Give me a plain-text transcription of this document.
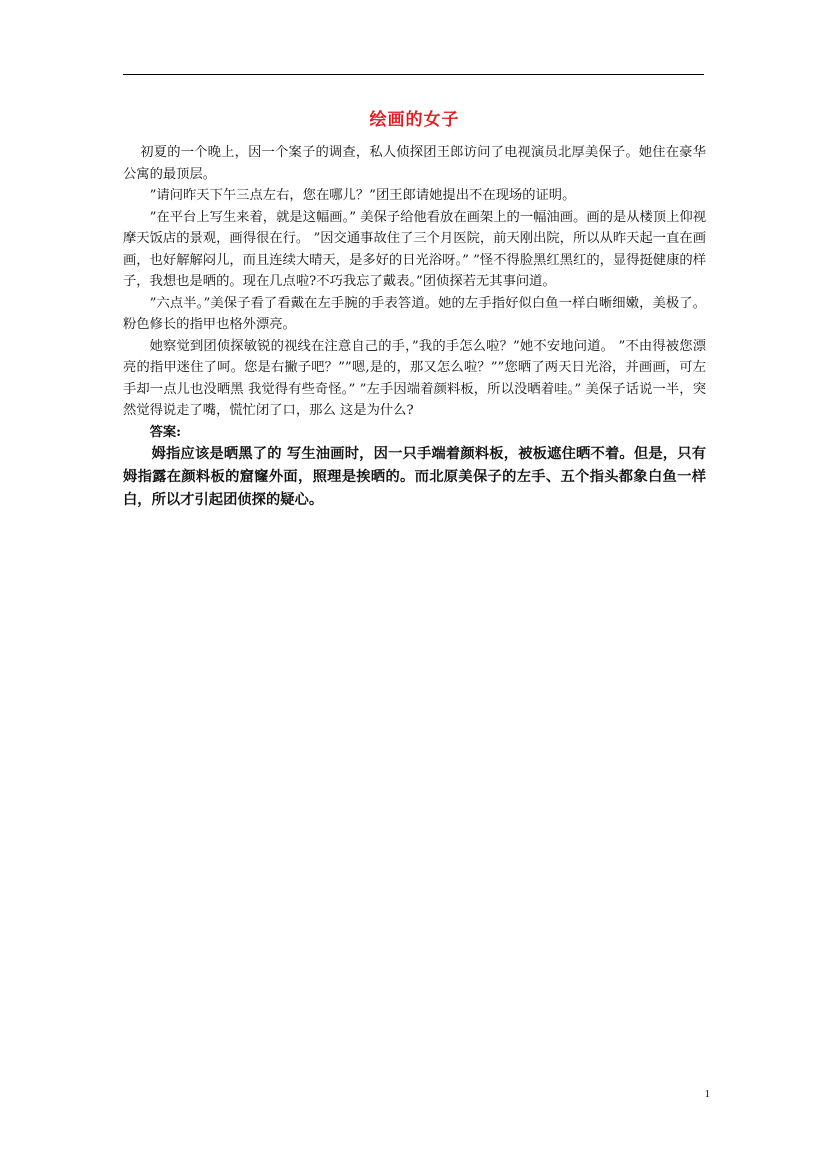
绘画的女子

初夏的一个晚上，因一个案子的调查，私人侦探团王郎访问了电视演员北厚美保子。她住在豪华公寓的最顶层。

”请问昨天下午三点左右，您在哪儿？”团王郎请她提出不在现场的证明。

”在平台上写生来着，就是这幅画。” 美保子给他看放在画架上的一幅油画。画的是从楼顶上仰视摩天饭店的景观，画得很在行。 ”因交通事故住了三个月医院，前天刚出院，所以从昨天起一直在画画，也好解解闷儿，而且连续大晴天，是多好的日光浴呀。” ”怪不得脸黑红黑红的，显得挺健康的样子，我想也是晒的。现在几点啦?不巧我忘了戴表。”团侦探若无其事问道。

”六点半。”美保子看了看戴在左手腕的手表答道。她的左手指好似白鱼一样白晰细嫩，美极了。粉色修长的指甲也格外漂亮。

她察觉到团侦探敏锐的视线在注意自己的手，”我的手怎么啦？”她不安地问道。 ”不由得被您漂亮的指甲迷住了呵。您是右撇子吧？””嗯,是的，那又怎么啦？””您晒了两天日光浴，并画画，可左手却一点儿也没晒黑 我觉得有些奇怪。” ”左手因端着颜料板，所以没晒着哇。” 美保子话说一半，突然觉得说走了嘴，慌忙闭了口，那么 这是为什么?

答案:

姆指应该是晒黑了的 写生油画时，因一只手端着颜料板，被板遮住晒不着。但是，只有姆指露在颜料板的窟窿外面，照理是挨晒的。而北原美保子的左手、五个指头都象白鱼一样白，所以才引起团侦探的疑心。

1
